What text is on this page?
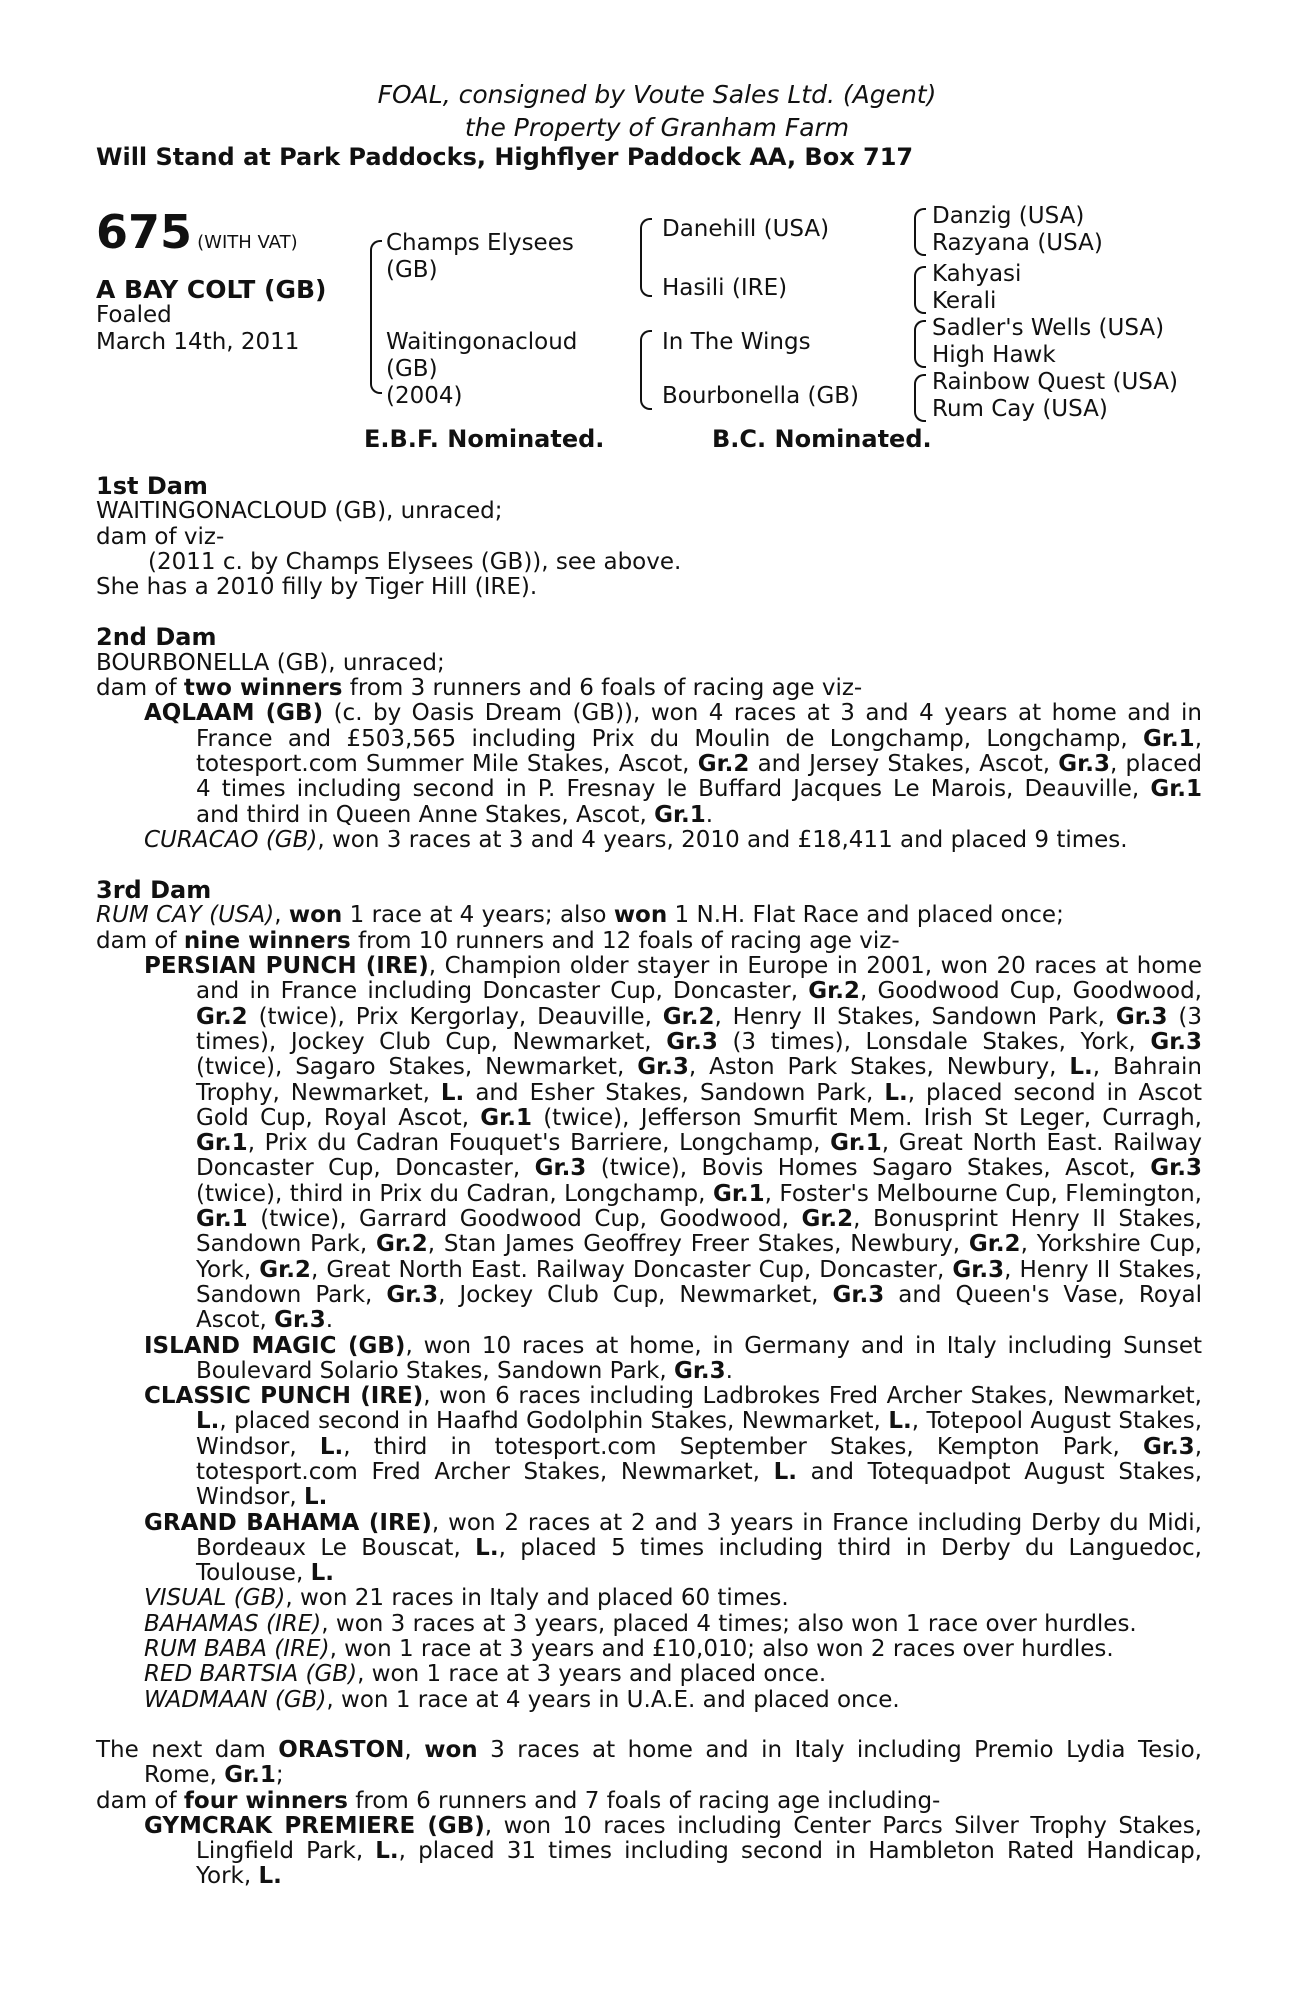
FOAL, consigned by Voute Sales Ltd. (Agent)
the Property of Granham Farm
Will Stand at Park Paddocks, Highflyer Paddock AA, Box 717
675 (WITH VAT)
A BAY COLT (GB)
Foaled
March 14th, 2011
Champs Elysees
(GB)
Waitingonacloud
(GB)
(2004)
Danehill (USA)
Hasili (IRE)
In The Wings
Bourbonella (GB)
Danzig (USA)
Razyana (USA)
Kahyasi
Kerali
Sadler's Wells (USA)
High Hawk
Rainbow Quest (USA)
Rum Cay (USA)
E.B.F. Nominated.	B.C. Nominated.

1st Dam

WAITINGONACLOUD (GB), unraced;

dam of viz-

(2011 c. by Champs Elysees (GB)), see above.

She has a 2010 filly by Tiger Hill (IRE).

2nd Dam

BOURBONELLA (GB), unraced;

dam of two winners from 3 runners and 6 foals of racing age viz-

AQLAAM (GB) (c. by Oasis Dream (GB)), won 4 races at 3 and 4 years at home and in France and £503,565 including Prix du Moulin de Longchamp, Longchamp, Gr.1, totesport.com Summer Mile Stakes, Ascot, Gr.2 and Jersey Stakes, Ascot, Gr.3, placed 4 times including second in P. Fresnay le Buffard Jacques Le Marois, Deauville, Gr.1 and third in Queen Anne Stakes, Ascot, Gr.1.

CURACAO (GB), won 3 races at 3 and 4 years, 2010 and £18,411 and placed 9 times.

3rd Dam

RUM CAY (USA), won 1 race at 4 years; also won 1 N.H. Flat Race and placed once;

dam of nine winners from 10 runners and 12 foals of racing age viz-

PERSIAN PUNCH (IRE), Champion older stayer in Europe in 2001, won 20 races at home and in France including Doncaster Cup, Doncaster, Gr.2, Goodwood Cup, Goodwood, Gr.2 (twice), Prix Kergorlay, Deauville, Gr.2, Henry II Stakes, Sandown Park, Gr.3 (3 times), Jockey Club Cup, Newmarket, Gr.3 (3 times), Lonsdale Stakes, York, Gr.3 (twice), Sagaro Stakes, Newmarket, Gr.3, Aston Park Stakes, Newbury, L., Bahrain Trophy, Newmarket, L. and Esher Stakes, Sandown Park, L., placed second in Ascot Gold Cup, Royal Ascot, Gr.1 (twice), Jefferson Smurfit Mem. Irish St Leger, Curragh, Gr.1, Prix du Cadran Fouquet's Barriere, Longchamp, Gr.1, Great North East. Railway Doncaster Cup, Doncaster, Gr.3 (twice), Bovis Homes Sagaro Stakes, Ascot, Gr.3 (twice), third in Prix du Cadran, Longchamp, Gr.1, Foster's Melbourne Cup, Flemington, Gr.1 (twice), Garrard Goodwood Cup, Goodwood, Gr.2, Bonusprint Henry II Stakes, Sandown Park, Gr.2, Stan James Geoffrey Freer Stakes, Newbury, Gr.2, Yorkshire Cup, York, Gr.2, Great North East. Railway Doncaster Cup, Doncaster, Gr.3, Henry II Stakes, Sandown Park, Gr.3, Jockey Club Cup, Newmarket, Gr.3 and Queen's Vase, Royal Ascot, Gr.3.

ISLAND MAGIC (GB), won 10 races at home, in Germany and in Italy including Sunset Boulevard Solario Stakes, Sandown Park, Gr.3.

CLASSIC PUNCH (IRE), won 6 races including Ladbrokes Fred Archer Stakes, Newmarket, L., placed second in Haafhd Godolphin Stakes, Newmarket, L., Totepool August Stakes, Windsor, L., third in totesport.com September Stakes, Kempton Park, Gr.3, totesport.com Fred Archer Stakes, Newmarket, L. and Totequadpot August Stakes, Windsor, L.

GRAND BAHAMA (IRE), won 2 races at 2 and 3 years in France including Derby du Midi, Bordeaux Le Bouscat, L., placed 5 times including third in Derby du Languedoc, Toulouse, L.

VISUAL (GB), won 21 races in Italy and placed 60 times.

BAHAMAS (IRE), won 3 races at 3 years, placed 4 times; also won 1 race over hurdles.

RUM BABA (IRE), won 1 race at 3 years and £10,010; also won 2 races over hurdles.

RED BARTSIA (GB), won 1 race at 3 years and placed once.

WADMAAN (GB), won 1 race at 4 years in U.A.E. and placed once.

The next dam ORASTON, won 3 races at home and in Italy including Premio Lydia Tesio, Rome, Gr.1;

dam of four winners from 6 runners and 7 foals of racing age including-

GYMCRAK PREMIERE (GB), won 10 races including Center Parcs Silver Trophy Stakes, Lingfield Park, L., placed 31 times including second in Hambleton Rated Handicap, York, L.
